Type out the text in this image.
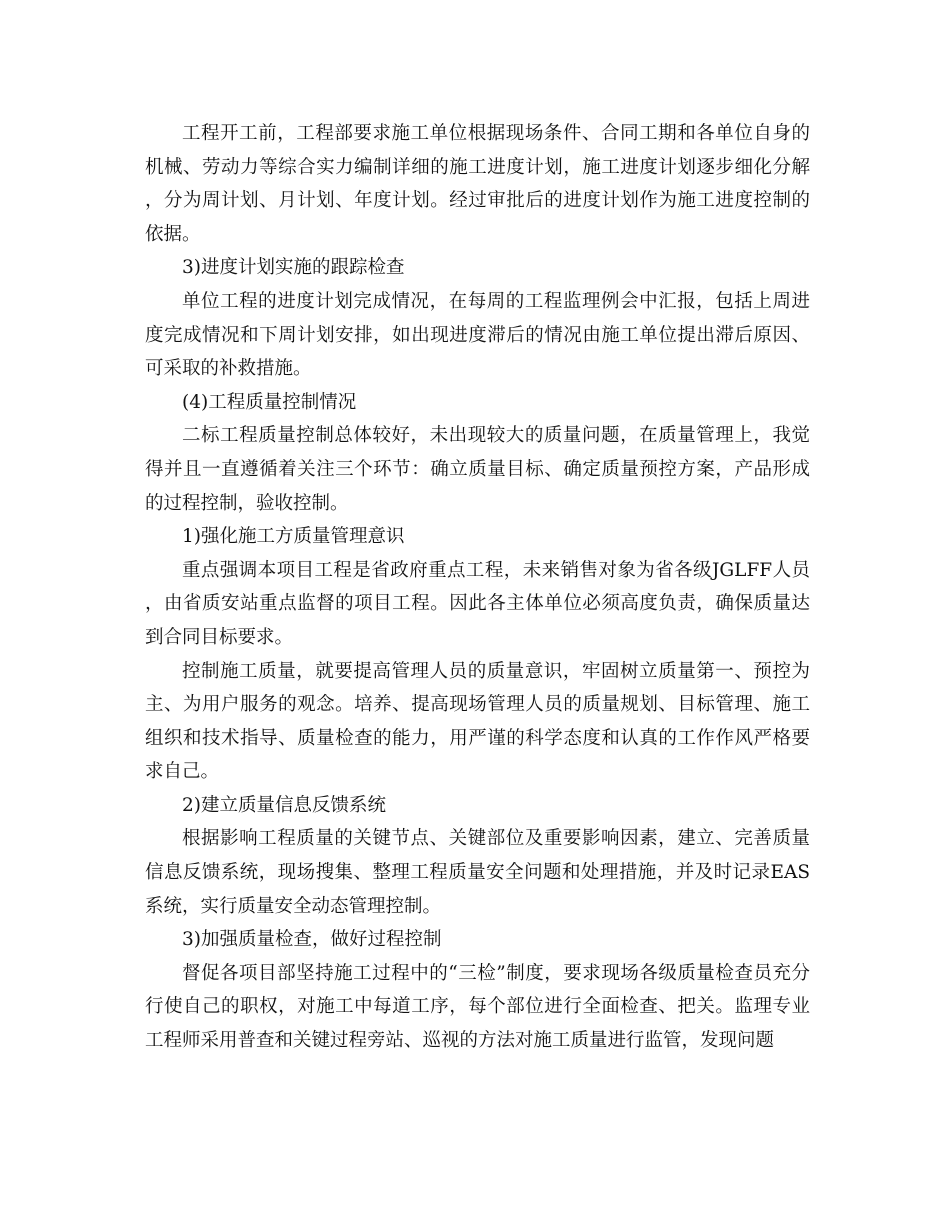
工程开工前，工程部要求施工单位根据现场条件、合同工期和各单位自身的机械、劳动力等综合实力编制详细的施工进度计划，施工进度计划逐步细化分解，分为周计划、月计划、年度计划。经过审批后的进度计划作为施工进度控制的依据。

3)进度计划实施的跟踪检查

单位工程的进度计划完成情况，在每周的工程监理例会中汇报，包括上周进度完成情况和下周计划安排，如出现进度滞后的情况由施工单位提出滞后原因、可采取的补救措施。

(4)工程质量控制情况

二标工程质量控制总体较好，未出现较大的质量问题，在质量管理上，我觉得并且一直遵循着关注三个环节：确立质量目标、确定质量预控方案，产品形成的过程控制，验收控制。

1)强化施工方质量管理意识

重点强调本项目工程是省政府重点工程，未来销售对象为省各级JGLFF人员，由省质安站重点监督的项目工程。因此各主体单位必须高度负责，确保质量达到合同目标要求。

控制施工质量，就要提高管理人员的质量意识，牢固树立质量第一、预控为主、为用户服务的观念。培养、提高现场管理人员的质量规划、目标管理、施工组织和技术指导、质量检查的能力，用严谨的科学态度和认真的工作作风严格要求自己。

2)建立质量信息反馈系统

根据影响工程质量的关键节点、关键部位及重要影响因素，建立、完善质量信息反馈系统，现场搜集、整理工程质量安全问题和处理措施，并及时记录EAS系统，实行质量安全动态管理控制。

3)加强质量检查，做好过程控制

督促各项目部坚持施工过程中的“三检”制度，要求现场各级质量检查员充分行使自己的职权，对施工中每道工序，每个部位进行全面检查、把关。监理专业工程师采用普查和关键过程旁站、巡视的方法对施工质量进行监管，发现问题
